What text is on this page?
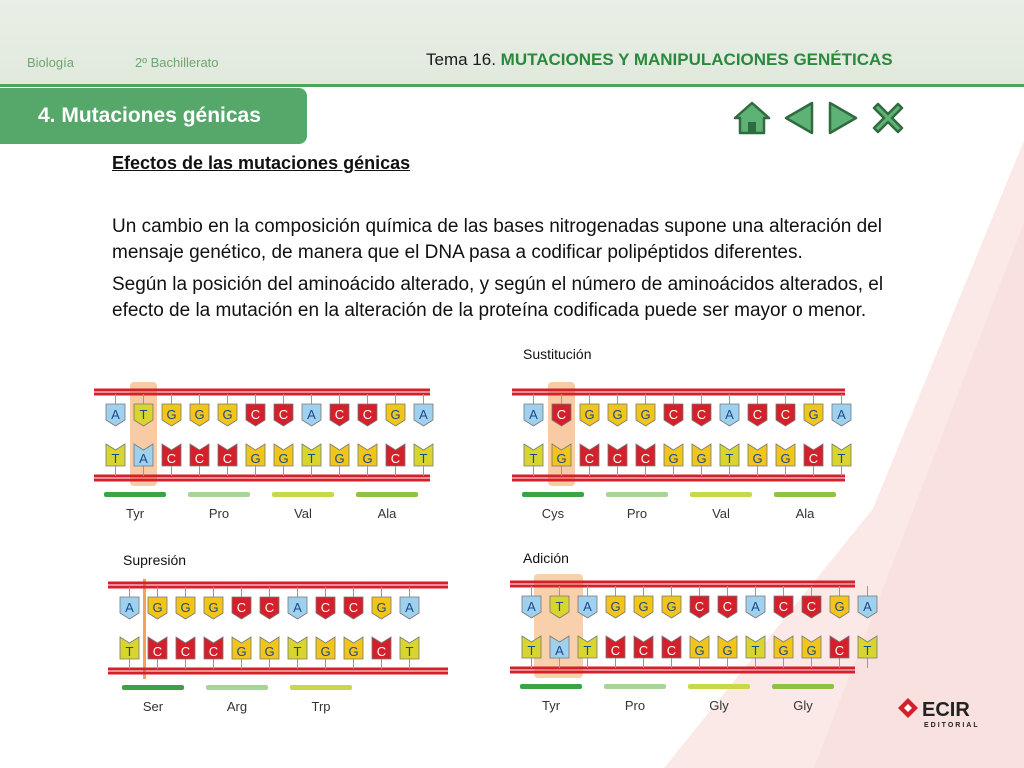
Biología	2º Bachillerato	Tema 16. MUTACIONES Y MANIPULACIONES GENÉTICAS
4. Mutaciones génicas
Efectos de las mutaciones génicas
Un cambio en la composición química de las bases nitrogenadas supone una alteración del mensaje genético, de manera que el DNA pasa a codificar polipéptidos diferentes.
Según la posición del aminoácido alterado, y según el número de aminoácidos alterados, el efecto de la mutación en la alteración de la proteína codificada puede ser mayor o menor.
Sustitución
Supresión	Adición
A
T
T
A
G
C
G
C
G
C
C
G
C
G
A
T
C
G
C
G
G
C
A
T
Tyr	Pro	Val	Ala
A
T
C
G
G
C
G
C
G
C
C
G
C
G
A
T
C
G
C
G
G
C
A
T
Cys	Pro	Val	Ala
A
T
G
C
G
C
G
C
C
G
C
G
A
T
C
G
C
G
G
C
A
T
Ser	Arg	Trp
A
T
T
A
A
T
G
C
G
C
G
C
C
G
C
G
A
T
C
G
C
G
G
C
A
T
Tyr	Pro	Gly	Gly	ECIR
EDITORIAL
